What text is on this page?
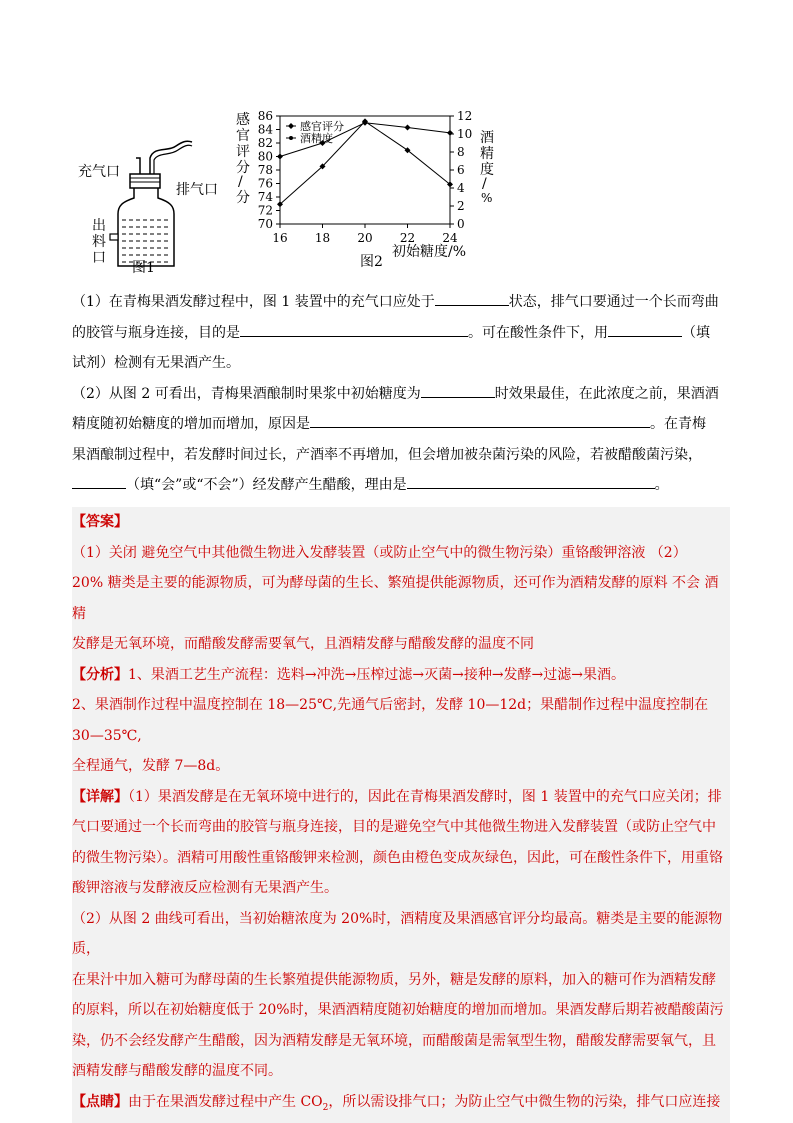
充气口
排气口
出
料
口
图1
感
官
评
分
/
分
酒
精
度
/
%
86
84
82
80
78
76
74
72
70
12
10
8
6
4
2
0
16 18 20 22 24
感官评分
酒精度
图2
初始糖度/%
（1）在青梅果酒发酵过程中，图 1 装置中的充气口应处于	状态，排气口要通过一个长而弯曲
的胶管与瓶身连接，目的是	。可在酸性条件下，用	（填
试剂）检测有无果酒产生。
（2）从图 2 可看出，青梅果酒酿制时果浆中初始糖度为	时效果最佳，在此浓度之前，果酒酒
精度随初始糖度的增加而增加，原因是	。在青梅
果酒酿制过程中，若发酵时间过长，产酒率不再增加，但会增加被杂菌污染的风险，若被醋酸菌污染，
（填“会”或“不会”）经发酵产生醋酸，理由是	。

【答案】（1）关闭 避免空气中其他微生物进入发酵装置（或防止空气中的微生物污染）重铬酸钾溶液 （2）

20% 糖类是主要的能源物质，可为酵母菌的生长、繁殖提供能源物质，还可作为酒精发酵的原料 不会 酒精

发酵是无氧环境，而醋酸发酵需要氧气，且酒精发酵与醋酸发酵的温度不同

【分析】1、果酒工艺生产流程：选料→冲洗→压榨过滤→灭菌→接种→发酵→过滤→果酒。

2、果酒制作过程中温度控制在 18—25℃,先通气后密封，发酵 10—12d；果醋制作过程中温度控制在 30—35℃,

全程通气，发酵 7—8d。

【详解】（1）果酒发酵是在无氧环境中进行的，因此在青梅果酒发酵时，图 1 装置中的充气口应关闭；排

气口要通过一个长而弯曲的胶管与瓶身连接，目的是避免空气中其他微生物进入发酵装置（或防止空气中

的微生物污染）。酒精可用酸性重铬酸钾来检测，颜色由橙色变成灰绿色，因此，可在酸性条件下，用重铬

酸钾溶液与发酵液反应检测有无果酒产生。

（2）从图 2 曲线可看出，当初始糖浓度为 20%时，酒精度及果酒感官评分均最高。糖类是主要的能源物质，

在果汁中加入糖可为酵母菌的生长繁殖提供能源物质，另外，糖是发酵的原料，加入的糖可作为酒精发酵

的原料，所以在初始糖度低于 20%时，果酒酒精度随初始糖度的增加而增加。果酒发酵后期若被醋酸菌污

染，仍不会经发酵产生醋酸，因为酒精发酵是无氧环境，而醋酸菌是需氧型生物，醋酸发酵需要氧气，且

酒精发酵与醋酸发酵的温度不同。

【点睛】由于在果酒发酵过程中产生 $CO_2$，所以需设排气口；为防止空气中微生物的污染，排气口应连接
